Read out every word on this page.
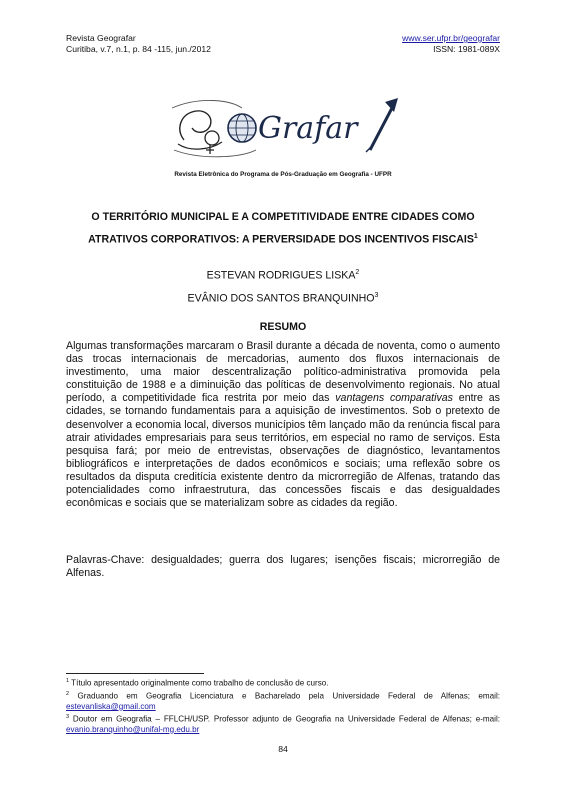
Revista Geografar
Curitiba, v.7, n.1, p. 84 -115, jun./2012
www.ser.ufpr.br/geografar
ISSN: 1981-089X
Grafar
Revista Eletrônica do Programa de Pós-Graduação em Geografia - UFPR
O TERRITÓRIO MUNICIPAL E A COMPETITIVIDADE ENTRE CIDADES COMO
ATRATIVOS CORPORATIVOS: A PERVERSIDADE DOS INCENTIVOS FISCAIS$^1$
ESTEVAN RODRIGUES LISKA$^2$
EVÂNIO DOS SANTOS BRANQUINHO$^3$
RESUMO

Algumas transformações marcaram o Brasil durante a década de noventa, como o aumento das trocas internacionais de mercadorias, aumento dos fluxos internacionais de investimento, uma maior descentralização político-administrativa promovida pela constituição de 1988 e a diminuição das políticas de desenvolvimento regionais. No atual período, a competitividade fica restrita por meio das vantagens comparativas entre as cidades, se tornando fundamentais para a aquisição de investimentos. Sob o pretexto de desenvolver a economia local, diversos municípios têm lançado mão da renúncia fiscal para atrair atividades empresariais para seus territórios, em especial no ramo de serviços. Esta pesquisa fará; por meio de entrevistas, observações de diagnóstico, levantamentos bibliográficos e interpretações de dados econômicos e sociais; uma reflexão sobre os resultados da disputa creditícia existente dentro da microrregião de Alfenas, tratando das potencialidades como infraestrutura, das concessões fiscais e das desigualdades econômicas e sociais que se materializam sobre as cidades da região.

Palavras-Chave: desigualdades; guerra dos lugares; isenções fiscais; microrregião de Alfenas.

$^1$ Título apresentado originalmente como trabalho de conclusão de curso.
$^2$ Graduando em Geografia Licenciatura e Bacharelado pela Universidade Federal de Alfenas; email: estevanliska@gmail.com
$^3$ Doutor em Geografia – FFLCH/USP. Professor adjunto de Geografia na Universidade Federal de Alfenas; e-mail: evanio.branquinho@unifal-mg.edu.br
84
